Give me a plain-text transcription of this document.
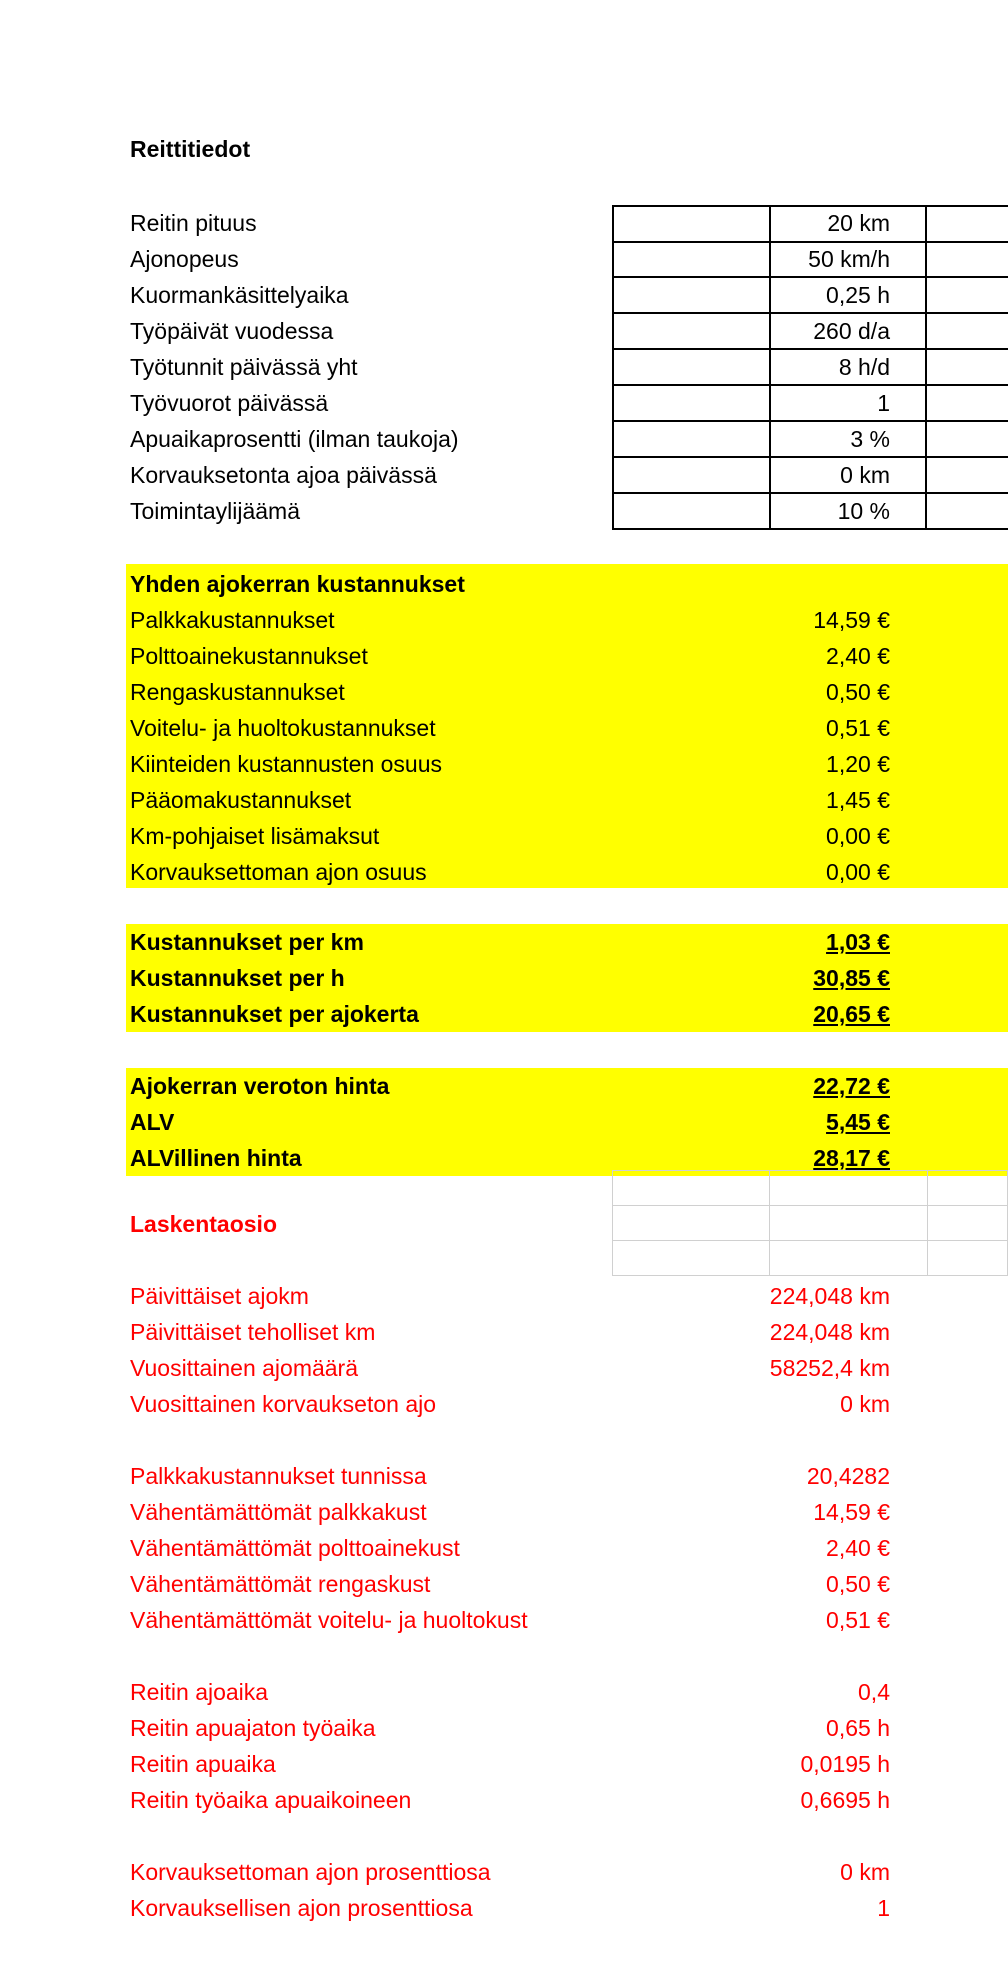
Reittitiedot
Reitin pituus	20 km
Ajonopeus	50 km/h
Kuormankäsittelyaika	0,25 h
Työpäivät vuodessa	260 d/a
Työtunnit päivässä yht	8 h/d
Työvuorot päivässä	1
Apuaikaprosentti (ilman taukoja)	3 %
Korvauksetonta ajoa päivässä	0 km
Toimintaylijäämä	10 %
Yhden ajokerran kustannukset
Palkkakustannukset	14,59 €
Polttoainekustannukset	2,40 €
Rengaskustannukset	0,50 €
Voitelu- ja huoltokustannukset	0,51 €
Kiinteiden kustannusten osuus	1,20 €
Pääomakustannukset	1,45 €
Km-pohjaiset lisämaksut	0,00 €
Korvauksettoman ajon osuus	0,00 €
Kustannukset per km	1,03 €
Kustannukset per h	30,85 €
Kustannukset per ajokerta	20,65 €
Ajokerran veroton hinta	22,72 €
ALV	5,45 €
ALVillinen hinta	28,17 €
Laskentaosio
Päivittäiset ajokm	224,048 km
Päivittäiset teholliset km	224,048 km
Vuosittainen ajomäärä	58252,4 km
Vuosittainen korvaukseton ajo	0 km
Palkkakustannukset tunnissa	20,4282
Vähentämättömät palkkakust	14,59 €
Vähentämättömät polttoainekust	2,40 €
Vähentämättömät rengaskust	0,50 €
Vähentämättömät voitelu- ja huoltokust	0,51 €
Reitin ajoaika	0,4
Reitin apuajaton työaika	0,65 h
Reitin apuaika	0,0195 h
Reitin työaika apuaikoineen	0,6695 h
Korvauksettoman ajon prosenttiosa	0 km
Korvauksellisen ajon prosenttiosa	1
